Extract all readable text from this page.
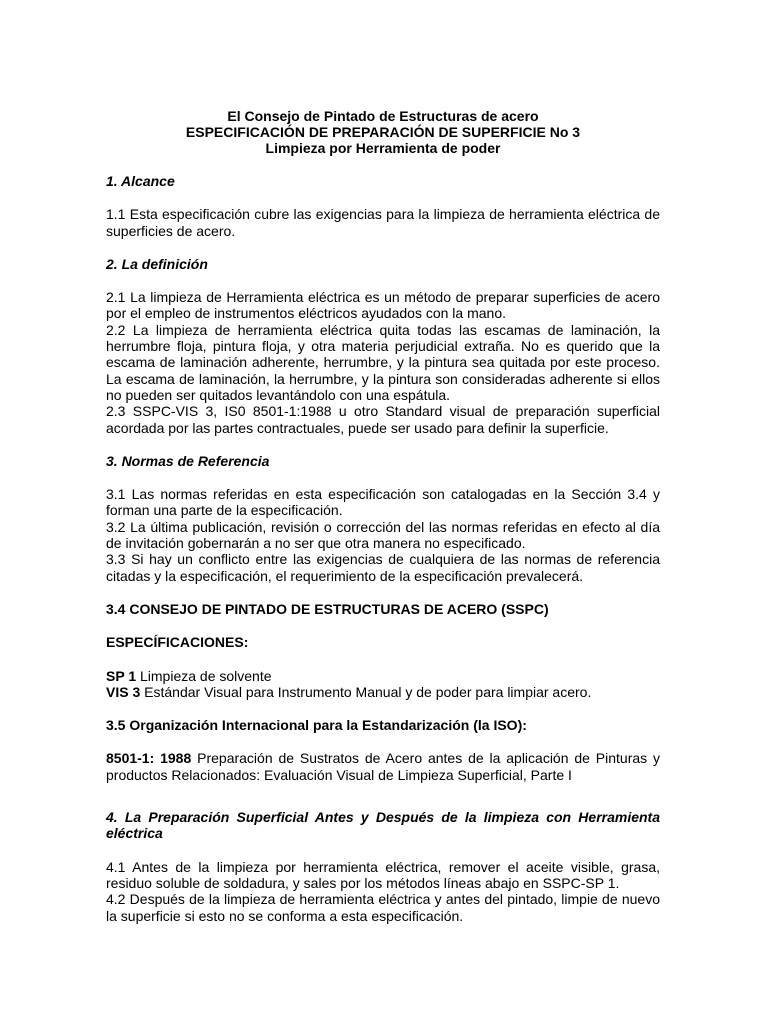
El Consejo de Pintado de Estructuras de acero
ESPECIFICACIÓN DE PREPARACIÓN DE SUPERFICIE No 3
Limpieza por Herramienta de poder

1. Alcance

1.1 Esta especificación cubre las exigencias para la limpieza de herramienta eléctrica de superficies de acero.

2. La definición

2.1 La limpieza de Herramienta eléctrica es un método de preparar superficies de acero por el empleo de instrumentos eléctricos ayudados con la mano.

2.2 La limpieza de herramienta eléctrica quita todas las escamas de laminación, la herrumbre floja, pintura floja, y otra materia perjudicial extraña. No es querido que la escama de laminación adherente, herrumbre, y la pintura sea quitada por este proceso. La escama de laminación, la herrumbre, y la pintura son consideradas adherente si ellos no pueden ser quitados levantándolo con una espátula.

2.3 SSPC-VIS 3, IS0 8501-1:1988 u otro Standard visual de preparación superficial acordada por las partes contractuales, puede ser usado para definir la superficie.

3. Normas de Referencia

3.1 Las normas referidas en esta especificación son catalogadas en la Sección 3.4 y forman una parte de la especificación.

3.2 La última publicación, revisión o corrección del las normas referidas en efecto al día de invitación gobernarán a no ser que otra manera no especificado.

3.3 Si hay un conflicto entre las exigencias de cualquiera de las normas de referencia citadas y la especificación, el requerimiento de la especificación prevalecerá.

3.4 CONSEJO DE PINTADO DE ESTRUCTURAS DE ACERO (SSPC)

ESPECÍFICACIONES:

SP 1 Limpieza de solvente

VIS 3 Estándar Visual para Instrumento Manual y de poder para limpiar acero.

3.5 Organización Internacional para la Estandarización (la ISO):

8501-1: 1988 Preparación de Sustratos de Acero antes de la aplicación de Pinturas y productos Relacionados: Evaluación Visual de Limpieza Superficial, Parte I

4. La Preparación Superficial Antes y Después de la limpieza con Herramienta eléctrica

4.1 Antes de la limpieza por herramienta eléctrica, remover el aceite visible, grasa, residuo soluble de soldadura, y sales por los métodos líneas abajo en SSPC-SP 1.

4.2 Después de la limpieza de herramienta eléctrica y antes del pintado, limpie de nuevo la superficie si esto no se conforma a esta especificación.
